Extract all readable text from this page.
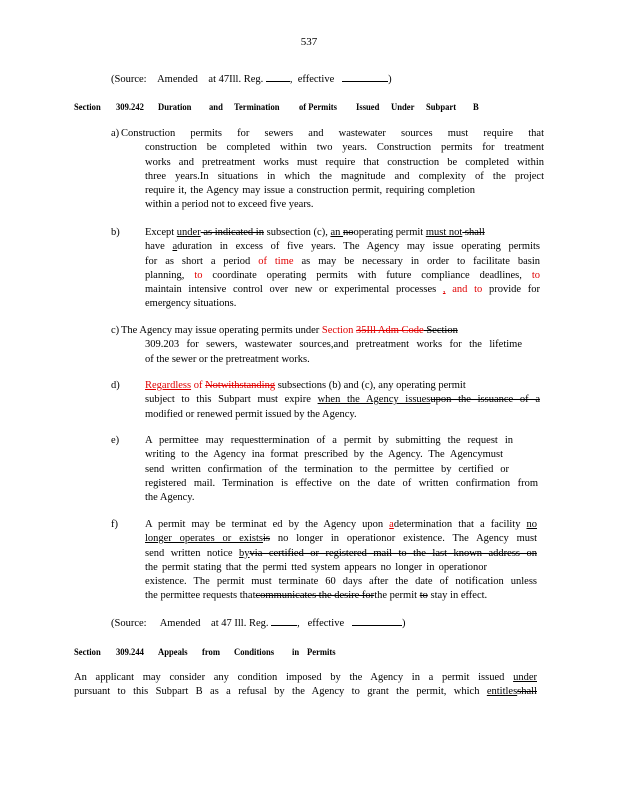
537
(Source: Amended at 47Ill. Reg.	, effective	)
Section 309.242 Duration and Termination of Permits Issued Under Subpart B
a) Construction permits for sewers and wastewater sources must require that
construction be completed within two years. Construction permits for treatment
works and pretreatment works must require that construction be completed within
three years.In situations in which the magnitude and complexity of the project
require it, the Agency may issue a construction permit, requiring completion
within a period not to exceed five years.
b) Except under as indicated in subsection (c), an nooperating permit must not shall
have aduration in excess of five years. The Agency may issue operating permits
for as short a period of time as may be necessary in order to facilitate basin
planning, to coordinate operating permits with future compliance deadlines, to
maintain intensive control over new or experimental processes , and to provide for
emergency situations.
c) The Agency may issue operating permits under Section 35Ill Adm Code Section
309.203 for sewers, wastewater sources,and pretreatment works for the lifetime
of the sewer or the pretreatment works.
d) Regardless of Notwithstanding subsections (b) and (c), any operating permit
subject to this Subpart must expire when the Agency issuesupon the issuance of a
modified or renewed permit issued by the Agency.
e) A permittee may requesttermination of a permit by submitting the request in
writing to the Agency ina format prescribed by the Agency. The Agencymust
send written confirmation of the termination to the permittee by certified or
registered mail. Termination is effective on the date of written confirmation from
the Agency.
f)	A permit may be terminat ed by the Agency upon adetermination that a facility no
longer operates or existsis no longer in operationor existence. The Agency must
send written notice byvia certified or registered mail to the last known address on
the permit stating that the permi tted system appears no longer in operationor
existence. The permit must terminate 60 days after the date of notification unless
the permittee requests thatcommunicates the desire forthe permit to stay in effect.
(Source: Amended at 47 Ill. Reg.	, effective	)
Section 309.244 Appeals from Conditions in Permits
An applicant may consider any condition imposed by the Agency in a permit issued under
pursuant to this Subpart B as a refusal by the Agency to grant the permit, which entitlesshall
